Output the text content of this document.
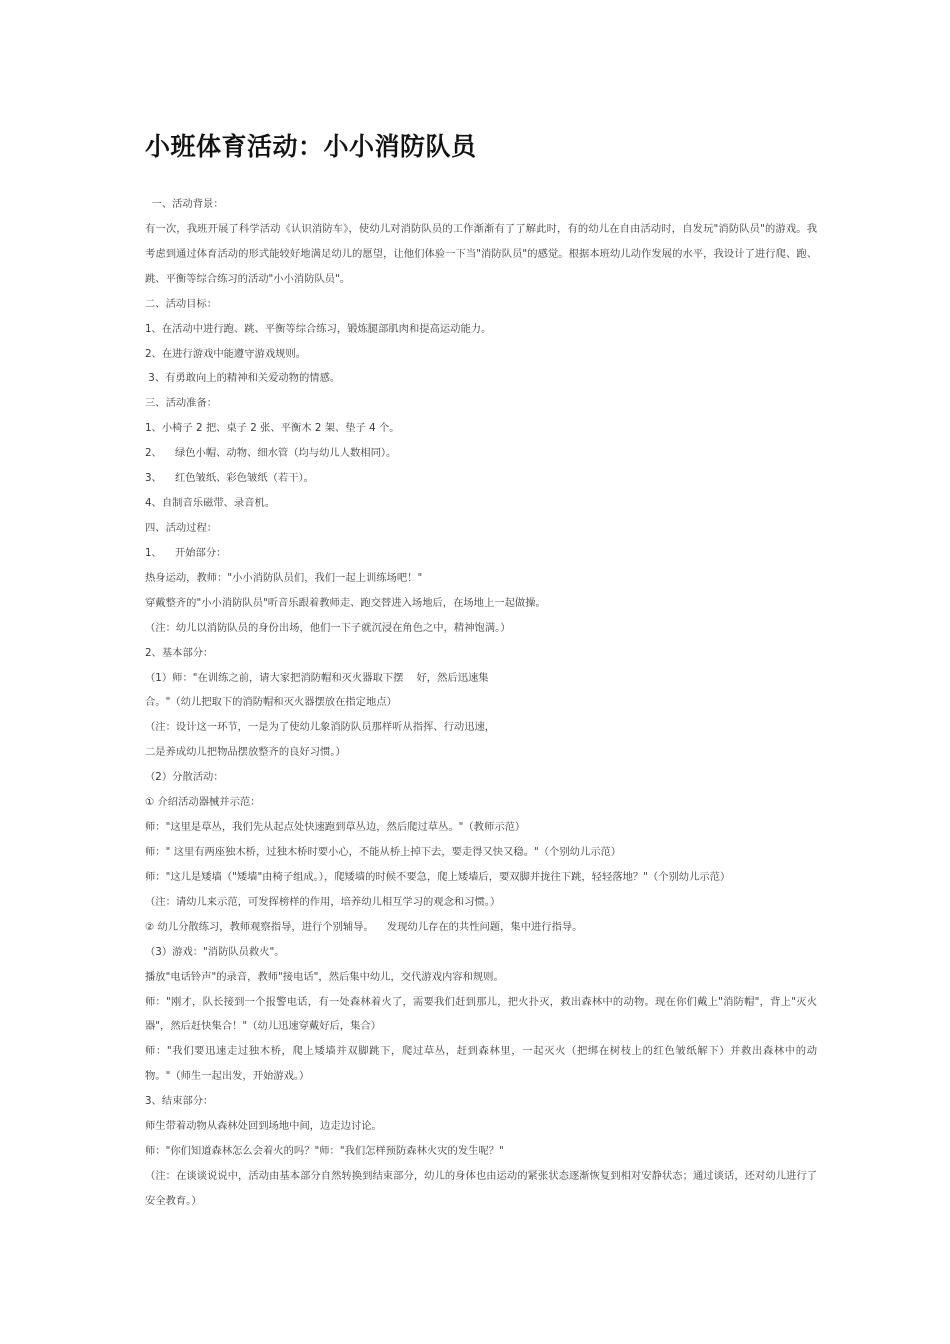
小班体育活动：小小消防队员

一、活动背景：

有一次，我班开展了科学活动《认识消防车》，使幼儿对消防队员的工作渐渐有了了解此时，有的幼儿在自由活动时，自发玩"消防队员"的游戏。我考虑到通过体育活动的形式能较好地满足幼儿的愿望，让他们体验一下当"消防队员"的感觉。根据本班幼儿动作发展的水平，我设计了进行爬、跑、跳、平衡等综合练习的活动"小小消防队员"。

二、活动目标：

1、在活动中进行跑、跳、平衡等综合练习，锻炼腿部肌肉和提高运动能力。

2、在进行游戏中能遵守游戏规则。

3、有勇敢向上的精神和关爱动物的情感。

三、活动准备：

1、小椅子 2 把、桌子 2 张、平衡木 2 架、垫子 4 个。

2、    绿色小帽、动物、细水管（均与幼儿人数相同）。

3、    红色皱纸、彩色皱纸（若干）。

4、自制音乐磁带、录音机。

四、活动过程：

1、    开始部分：

热身运动，教师："小小消防队员们，我们一起上训练场吧！"

穿戴整齐的"小小消防队员"听音乐跟着教师走、跑交替进入场地后，在场地上一起做操。

（注：幼儿以消防队员的身份出场，他们一下子就沉浸在角色之中，精神饱满。）

2、基本部分：

（1）师："在训练之前，请大家把消防帽和灭火器取下摆    好，然后迅速集

合。"（幼儿把取下的消防帽和灭火器摆放在指定地点）

（注：设计这一环节，一是为了使幼儿象消防队员那样听从指挥、行动迅速，

二是养成幼儿把物品摆放整齐的良好习惯。）

（2）分散活动：

① 介绍活动器械并示范：

师："这里是草丛，我们先从起点处快速跑到草丛边，然后爬过草丛。"（教师示范）

师：" 这里有两座独木桥，过独木桥时要小心，不能从桥上掉下去，要走得又快又稳。"（个别幼儿示范）

师："这儿是矮墙（"矮墙"由椅子组成。），爬矮墙的时候不要急，爬上矮墙后，要双脚并拢往下跳，轻轻落地？"（个别幼儿示范）

（注：请幼儿来示范，可发挥榜样的作用，培养幼儿相互学习的观念和习惯。）

② 幼儿分散练习，教师观察指导，进行个别辅导。    发现幼儿存在的共性问题，集中进行指导。

（3）游戏："消防队员救火"。

播放"电话铃声"的录音，教师"接电话"，然后集中幼儿，交代游戏内容和规则。

师："刚才，队长接到一个报警电话，有一处森林着火了，需要我们赶到那儿，把火扑灭，救出森林中的动物。现在你们戴上"消防帽"，背上"灭火器"，然后赶快集合！"（幼儿迅速穿戴好后，集合）

师："我们要迅速走过独木桥，爬上矮墙并双脚跳下，爬过草丛，赶到森林里，一起灭火（把绑在树枝上的红色皱纸解下）并救出森林中的动物。"（师生一起出发，开始游戏。）

3、结束部分：

师生带着动物从森林处回到场地中间，边走边讨论。

师："你们知道森林怎么会着火的吗？"师："我们怎样预防森林火灾的发生呢？"

（注：在谈谈说说中，活动由基本部分自然转换到结束部分，幼儿的身体也由运动的紧张状态逐渐恢复到相对安静状态；通过谈话，还对幼儿进行了安全教育。）
